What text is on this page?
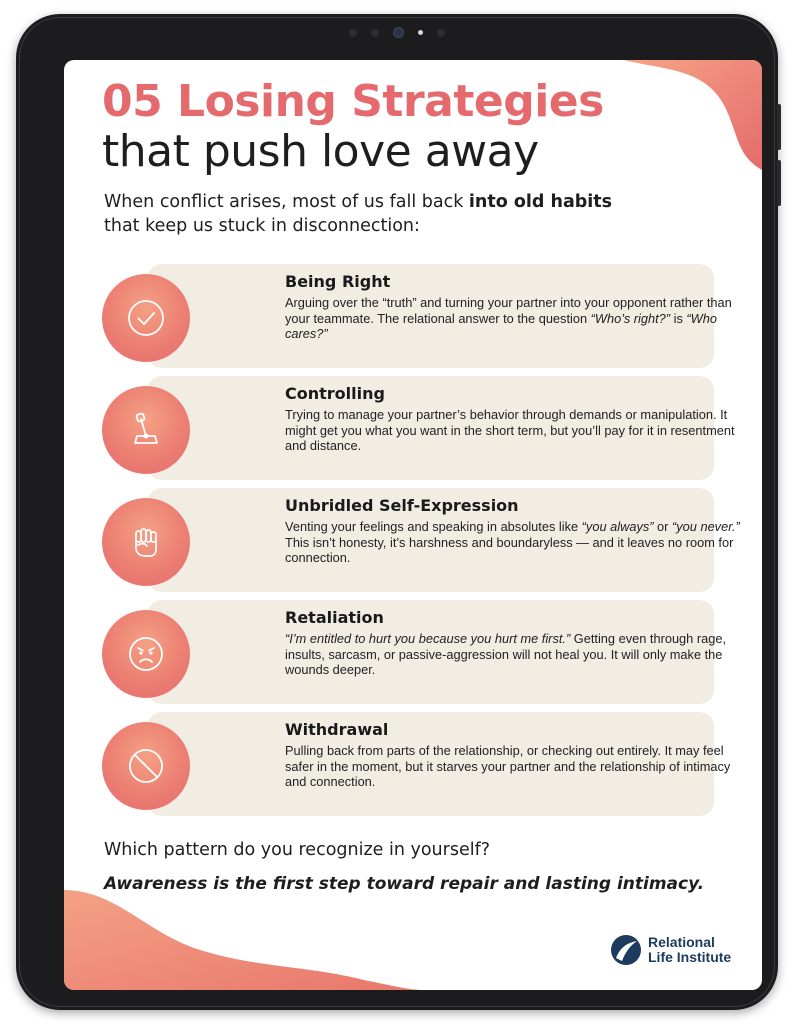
05 Losing Strategies
that push love away

When conflict arises, most of us fall back into old habits that keep us stuck in disconnection:

Being Right

Arguing over the “truth” and turning your partner into your opponent rather than your teammate. The relational answer to the question “Who’s right?” is “Who cares?”

Controlling

Trying to manage your partner’s behavior through demands or manipulation. It might get you what you want in the short term, but you’ll pay for it in resentment and distance.

Unbridled Self-Expression

Venting your feelings and speaking in absolutes like “you always” or “you never.” This isn’t honesty, it’s harshness and boundaryless — and it leaves no room for connection.

Retaliation

“I’m entitled to hurt you because you hurt me first.” Getting even through rage, insults, sarcasm, or passive-aggression will not heal you. It will only make the wounds deeper.

Withdrawal

Pulling back from parts of the relationship, or checking out entirely. It may feel safer in the moment, but it starves your partner and the relationship of intimacy and connection.

Which pattern do you recognize in yourself?

Awareness is the first step toward repair and lasting intimacy.

Relational
Life Institute
